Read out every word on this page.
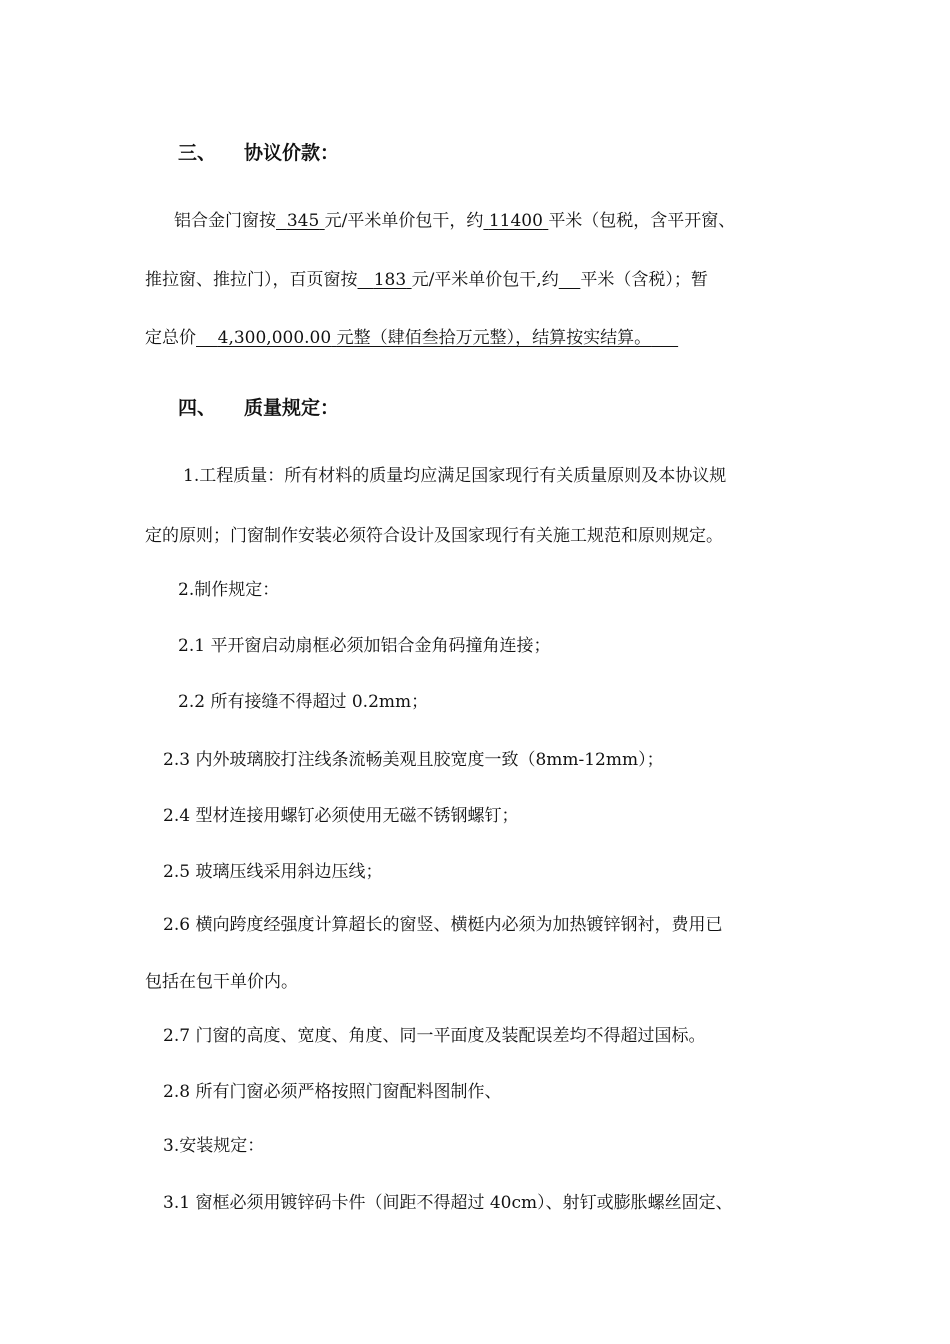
三、 协议价款：
铝合金门窗按 345 元/平米单价包干，约 11400 平米（包税，含平开窗、
推拉窗、推拉门），百页窗按 183 元/平米单价包干,约 平米（含税）；暂
定总价 4,300,000.00 元整（肆佰叁拾万元整），结算按实结算。
四、 质量规定：
1.工程质量：所有材料的质量均应满足国家现行有关质量原则及本协议规
定的原则；门窗制作安装必须符合设计及国家现行有关施工规范和原则规定。
2.制作规定：
2.1 平开窗启动扇框必须加铝合金角码撞角连接；
2.2 所有接缝不得超过 0.2mm；
2.3 内外玻璃胶打注线条流畅美观且胶宽度一致（8mm-12mm）；
2.4 型材连接用螺钉必须使用无磁不锈钢螺钉；
2.5 玻璃压线采用斜边压线；
2.6 横向跨度经强度计算超长的窗竖、横梃内必须为加热镀锌钢衬，费用已
包括在包干单价内。
2.7 门窗的高度、宽度、角度、同一平面度及装配误差均不得超过国标。
2.8 所有门窗必须严格按照门窗配料图制作、
3.安装规定：
3.1 窗框必须用镀锌码卡件（间距不得超过 40cm）、射钉或膨胀螺丝固定、
